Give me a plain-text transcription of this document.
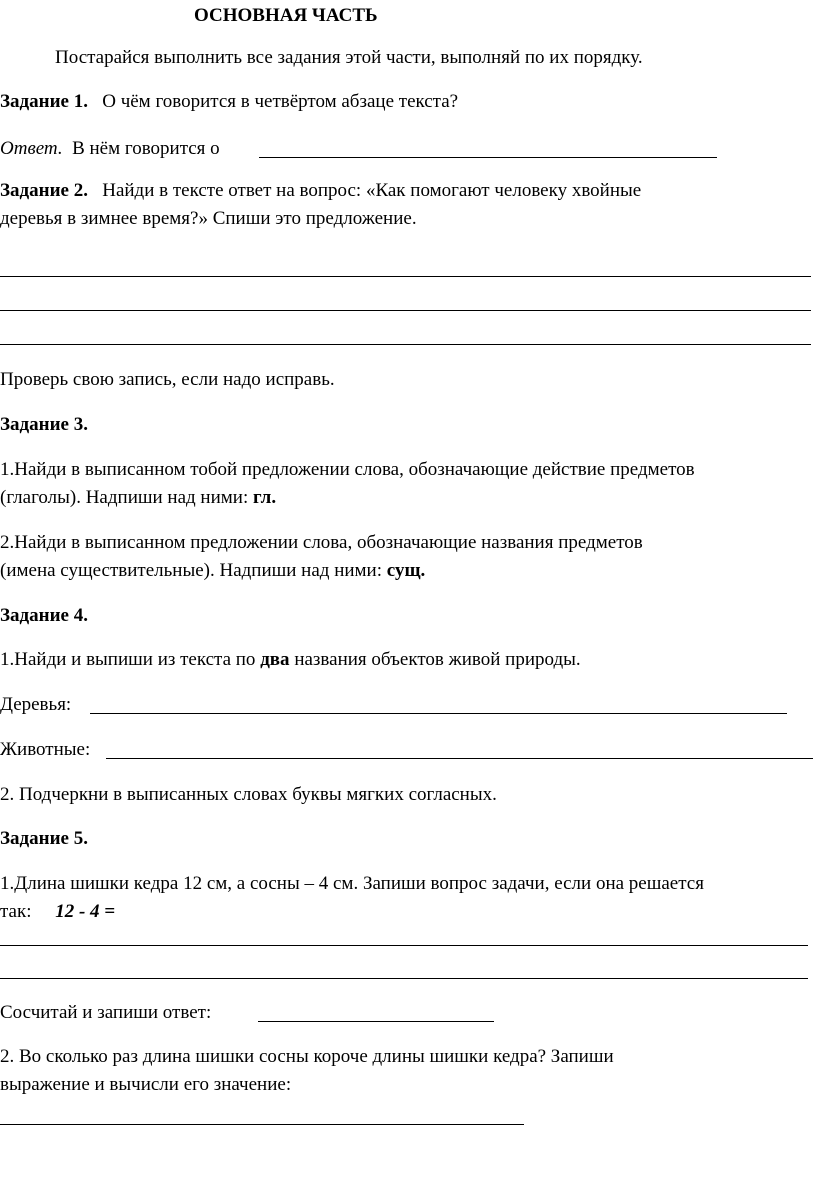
ОСНОВНАЯ ЧАСТЬ
Постарайся выполнить все задания этой части, выполняй по их порядку.
Задание 1. О чём говорится в четвёртом абзаце текста?
Ответ. В нём говорится о
Задание 2. Найди в тексте ответ на вопрос: «Как помогают человеку хвойные
деревья в зимнее время?» Спиши это предложение.
Проверь свою запись, если надо исправь.
Задание 3.
1.Найди в выписанном тобой предложении слова, обозначающие действие предметов
(глаголы). Надпиши над ними: гл.
2.Найди в выписанном предложении слова, обозначающие названия предметов
(имена существительные). Надпиши над ними: сущ.
Задание 4.
1.Найди и выпиши из текста по два названия объектов живой природы.
Деревья:
Животные:
2. Подчеркни в выписанных словах буквы мягких согласных.
Задание 5.
1.Длина шишки кедра 12 см, а сосны – 4 см. Запиши вопрос задачи, если она решается
так: 12 - 4 =
Сосчитай и запиши ответ:
2. Во сколько раз длина шишки сосны короче длины шишки кедра? Запиши
выражение и вычисли его значение:
